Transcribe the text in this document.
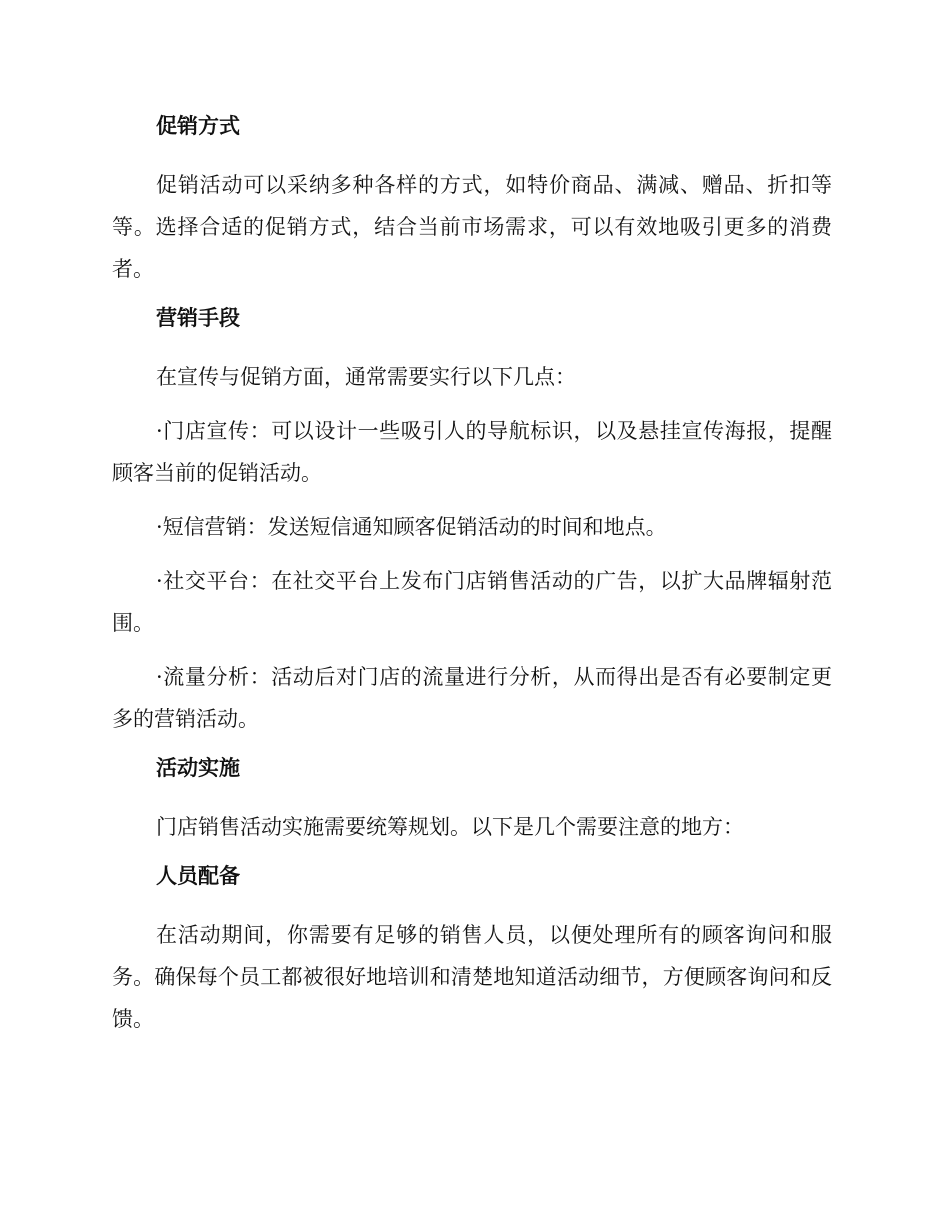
促销方式

促销活动可以采纳多种各样的方式，如特价商品、满减、赠品、折扣等等。选择合适的促销方式，结合当前市场需求，可以有效地吸引更多的消费者。

营销手段

在宣传与促销方面，通常需要实行以下几点：

·门店宣传：可以设计一些吸引人的导航标识，以及悬挂宣传海报，提醒顾客当前的促销活动。

·短信营销：发送短信通知顾客促销活动的时间和地点。

·社交平台：在社交平台上发布门店销售活动的广告，以扩大品牌辐射范围。

·流量分析：活动后对门店的流量进行分析，从而得出是否有必要制定更多的营销活动。

活动实施

门店销售活动实施需要统筹规划。以下是几个需要注意的地方：

人员配备

在活动期间，你需要有足够的销售人员，以便处理所有的顾客询问和服务。确保每个员工都被很好地培训和清楚地知道活动细节，方便顾客询问和反馈。
